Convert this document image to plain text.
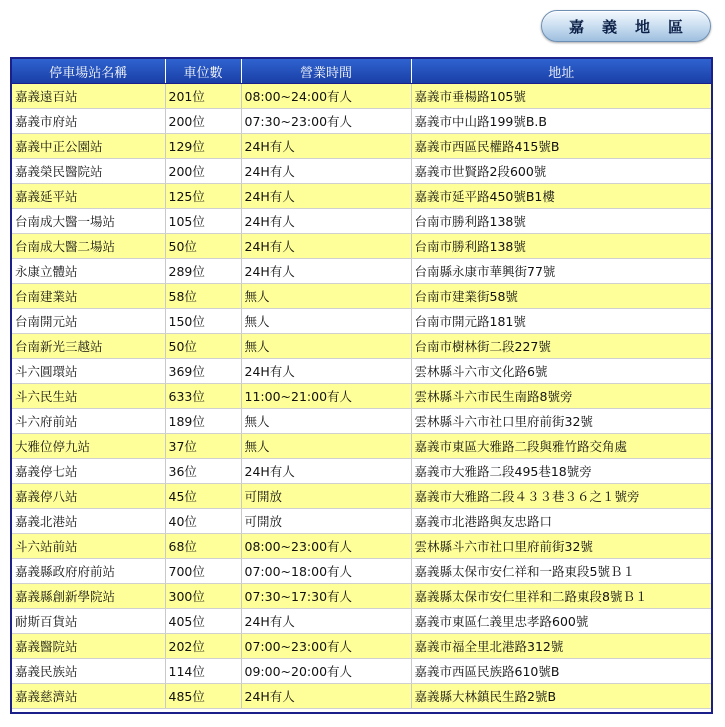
嘉義地區
停車場站名稱	車位數	營業時間	地址
嘉義遠百站	201位	08:00~24:00有人	嘉義市垂楊路105號
嘉義市府站	200位	07:30~23:00有人	嘉義市中山路199號B.B
嘉義中正公園站	129位	24H有人	嘉義市西區民權路415號B
嘉義榮民醫院站	200位	24H有人	嘉義市世賢路2段600號
嘉義延平站	125位	24H有人	嘉義市延平路450號B1樓
台南成大醫一場站	105位	24H有人	台南市勝利路138號
台南成大醫二場站	50位	24H有人	台南市勝利路138號
永康立體站	289位	24H有人	台南縣永康市華興街77號
台南建業站	58位	無人	台南市建業街58號
台南開元站	150位	無人	台南市開元路181號
台南新光三越站	50位	無人	台南市樹林街二段227號
斗六圓環站	369位	24H有人	雲林縣斗六市文化路6號
斗六民生站	633位	11:00~21:00有人	雲林縣斗六市民生南路8號旁
斗六府前站	189位	無人	雲林縣斗六市社口里府前街32號
大雅位停九站	37位	無人	嘉義市東區大雅路二段與雅竹路交角處
嘉義停七站	36位	24H有人	嘉義市大雅路二段495巷18號旁
嘉義停八站	45位	可開放	嘉義市大雅路二段４３３巷３６之１號旁
嘉義北港站	40位	可開放	嘉義市北港路與友忠路口
斗六站前站	68位	08:00~23:00有人	雲林縣斗六市社口里府前街32號
嘉義縣政府府前站	700位	07:00~18:00有人	嘉義縣太保市安仁祥和一路東段5號Ｂ１
嘉義縣創新學院站	300位	07:30~17:30有人	嘉義縣太保市安仁里祥和二路東段8號Ｂ１
耐斯百貨站	405位	24H有人	嘉義市東區仁義里忠孝路600號
嘉義醫院站	202位	07:00~23:00有人	嘉義市福全里北港路312號
嘉義民族站	114位	09:00~20:00有人	嘉義市西區民族路610號B
嘉義慈濟站	485位	24H有人	嘉義縣大林鎮民生路2號B
